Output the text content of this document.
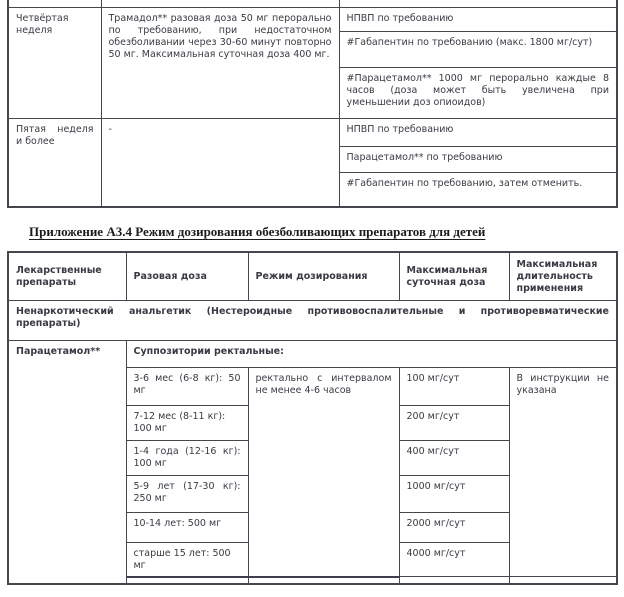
Четвёртая неделя	Трамадол** разовая доза 50 мг перорально по требованию, при недостаточном обезболивании через 30-60 минут повторно 50 мг. Максимальная суточная доза 400 мг.	НПВП по требованию
		#Габапентин по требованию (макс. 1800 мг/сут)
		#Парацетамол** 1000 мг перорально каждые 8 часов (доза может быть увеличена при уменьшении доз опиоидов)
Пятая неделя и более	-	НПВП по требованию
		Парацетамол** по требованию
		#Габапентин по требованию, затем отменить.
Приложение А3.4 Режим дозирования обезболивающих препаратов для детей
Лекарственные препараты	Разовая доза	Режим дозирования	Максимальная суточная доза	Максимальная длительность применения
Ненаркотический анальгетик (Нестероидные противовоспалительные и противоревматические препараты)				
Парацетамол**	Суппозитории ректальные:			
	3-6 мес (6-8 кг): 50 мг	ректально с интервалом не менее 4-6 часов	100 мг/сут	В инструкции не указана
	7-12 мес (8-11 кг): 100 мг		200 мг/сут	
	1-4 года (12-16 кг): 100 мг		400 мг/сут	
	5-9 лет (17-30 кг): 250 мг		1000 мг/сут	
	10-14 лет: 500 мг		2000 мг/сут	
	старше 15 лет: 500 мг		4000 мг/сут	
